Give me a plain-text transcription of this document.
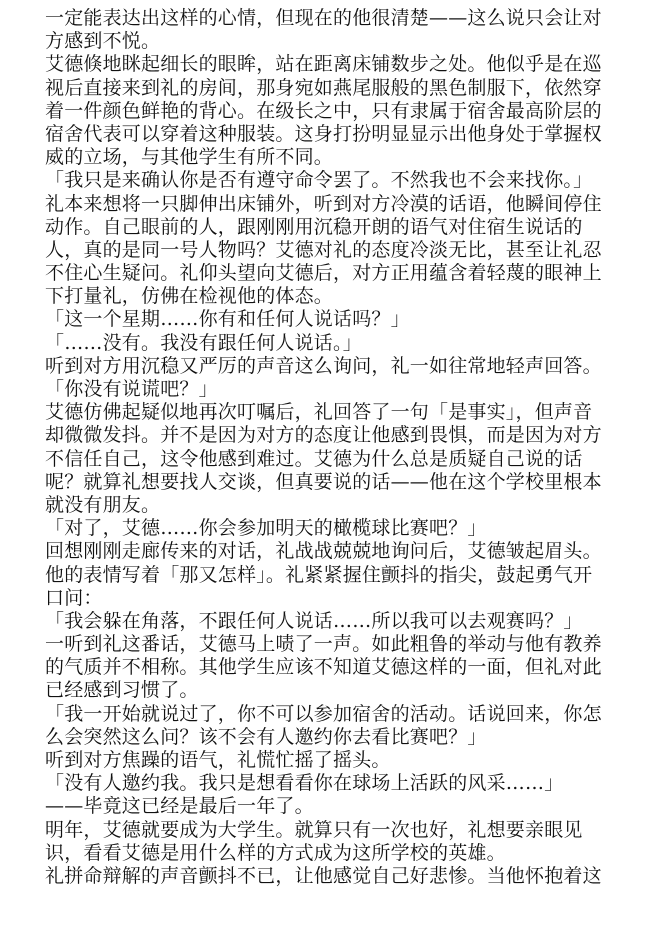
一定能表达出这样的心情，但现在的他很清楚——这么说只会让对
方感到不悦。
艾德倏地眯起细长的眼眸，站在距离床铺数步之处。他似乎是在巡
视后直接来到礼的房间，那身宛如燕尾服般的黑色制服下，依然穿
着一件颜色鲜艳的背心。在级长之中，只有隶属于宿舍最高阶层的
宿舍代表可以穿着这种服装。这身打扮明显显示出他身处于掌握权
威的立场，与其他学生有所不同。
「我只是来确认你是否有遵守命令罢了。不然我也不会来找你。」
礼本来想将一只脚伸出床铺外，听到对方冷漠的话语，他瞬间停住
动作。自己眼前的人，跟刚刚用沉稳开朗的语气对住宿生说话的
人，真的是同一号人物吗？艾德对礼的态度冷淡无比，甚至让礼忍
不住心生疑问。礼仰头望向艾德后，对方正用蕴含着轻蔑的眼神上
下打量礼，仿佛在检视他的体态。
「这一个星期……你有和任何人说话吗？」
「……没有。我没有跟任何人说话。」
听到对方用沉稳又严厉的声音这么询问，礼一如往常地轻声回答。
「你没有说谎吧？」
艾德仿佛起疑似地再次叮嘱后，礼回答了一句「是事实」，但声音
却微微发抖。并不是因为对方的态度让他感到畏惧，而是因为对方
不信任自己，这令他感到难过。艾德为什么总是质疑自己说的话
呢？就算礼想要找人交谈，但真要说的话——他在这个学校里根本
就没有朋友。
「对了，艾德……你会参加明天的橄榄球比赛吧？」
回想刚刚走廊传来的对话，礼战战兢兢地询问后，艾德皱起眉头。
他的表情写着「那又怎样」。礼紧紧握住颤抖的指尖，鼓起勇气开
口问：
「我会躲在角落，不跟任何人说话……所以我可以去观赛吗？」
一听到礼这番话，艾德马上啧了一声。如此粗鲁的举动与他有教养
的气质并不相称。其他学生应该不知道艾德这样的一面，但礼对此
已经感到习惯了。
「我一开始就说过了，你不可以参加宿舍的活动。话说回来，你怎
么会突然这么问？该不会有人邀约你去看比赛吧？」
听到对方焦躁的语气，礼慌忙摇了摇头。
「没有人邀约我。我只是想看看你在球场上活跃的风采……」
——毕竟这已经是最后一年了。
明年，艾德就要成为大学生。就算只有一次也好，礼想要亲眼见
识，看看艾德是用什么样的方式成为这所学校的英雄。
礼拼命辩解的声音颤抖不已，让他感觉自己好悲惨。当他怀抱着这
